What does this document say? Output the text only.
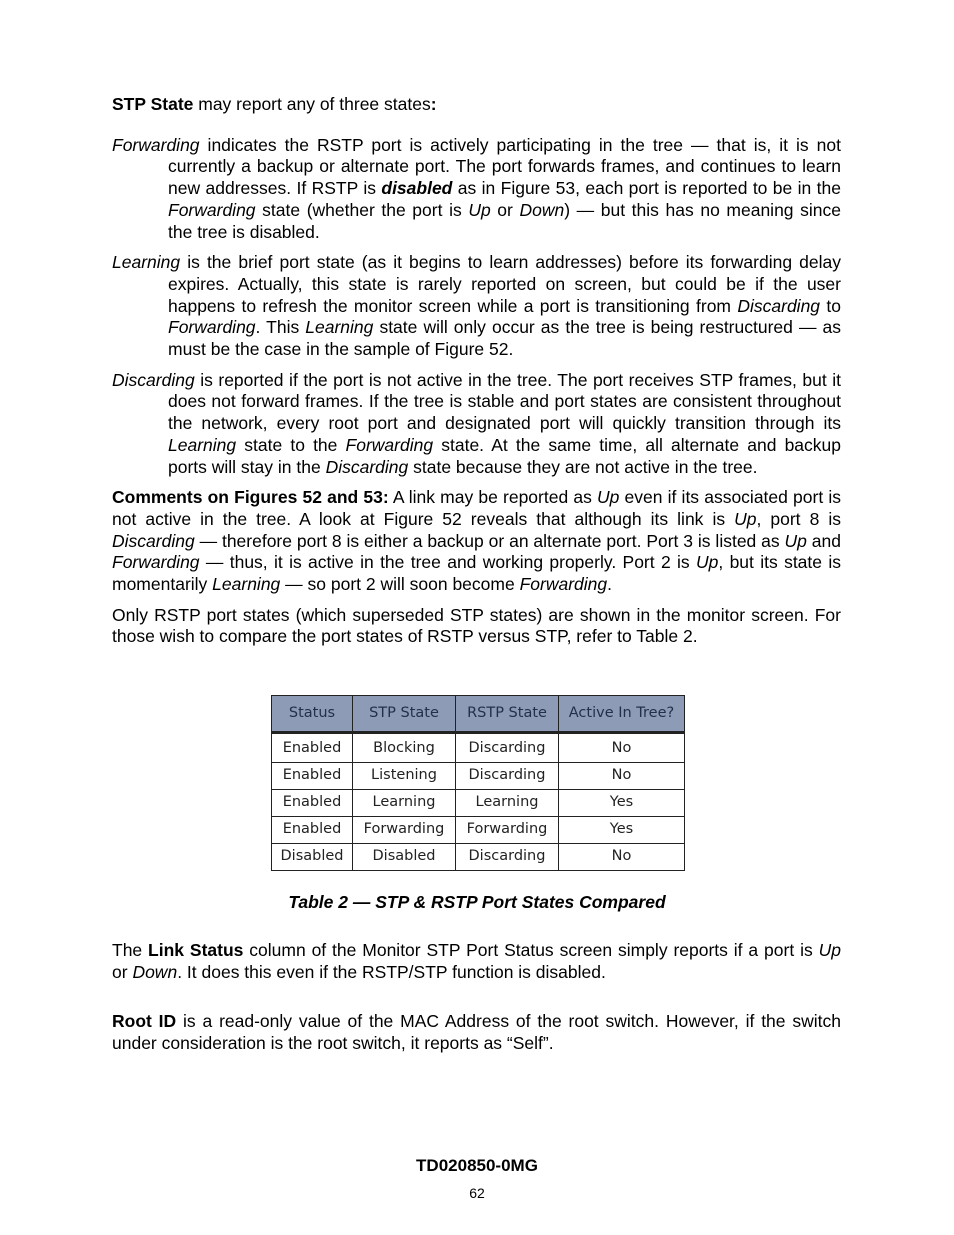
STP State may report any of three states:

Forwarding indicates the RSTP port is actively participating in the tree — that is, it is not currently a backup or alternate port. The port forwards frames, and continues to learn new addresses. If RSTP is disabled as in Figure 53, each port is reported to be in the Forwarding state (whether the port is Up or Down) — but this has no meaning since the tree is disabled.

Learning is the brief port state (as it begins to learn addresses) before its forwarding delay expires. Actually, this state is rarely reported on screen, but could be if the user happens to refresh the monitor screen while a port is transitioning from Discarding to Forwarding. This Learning state will only occur as the tree is being restructured — as must be the case in the sample of Figure 52.

Discarding is reported if the port is not active in the tree. The port receives STP frames, but it does not forward frames. If the tree is stable and port states are consistent throughout the network, every root port and designated port will quickly transition through its Learning state to the Forwarding state. At the same time, all alternate and backup ports will stay in the Discarding state because they are not active in the tree.

Comments on Figures 52 and 53: A link may be reported as Up even if its associated port is not active in the tree. A look at Figure 52 reveals that although its link is Up, port 8 is Discarding — therefore port 8 is either a backup or an alternate port. Port 3 is listed as Up and Forwarding — thus, it is active in the tree and working properly. Port 2 is Up, but its state is momentarily Learning — so port 2 will soon become Forwarding.

Only RSTP port states (which superseded STP states) are shown in the monitor screen. For those wish to compare the port states of RSTP versus STP, refer to Table 2.

The Link Status column of the Monitor STP Port Status screen simply reports if a port is Up or Down. It does this even if the RSTP/STP function is disabled.

Root ID is a read-only value of the MAC Address of the root switch. However, if the switch under consideration is the root switch, it reports as “Self”.

Status	STP State	RSTP State	Active In Tree?
Enabled	Blocking	Discarding	No
Enabled	Listening	Discarding	No
Enabled	Learning	Learning	Yes
Enabled	Forwarding	Forwarding	Yes
Disabled	Disabled	Discarding	No
Table 2 — STP & RSTP Port States Compared
TD020850-0MG
62
